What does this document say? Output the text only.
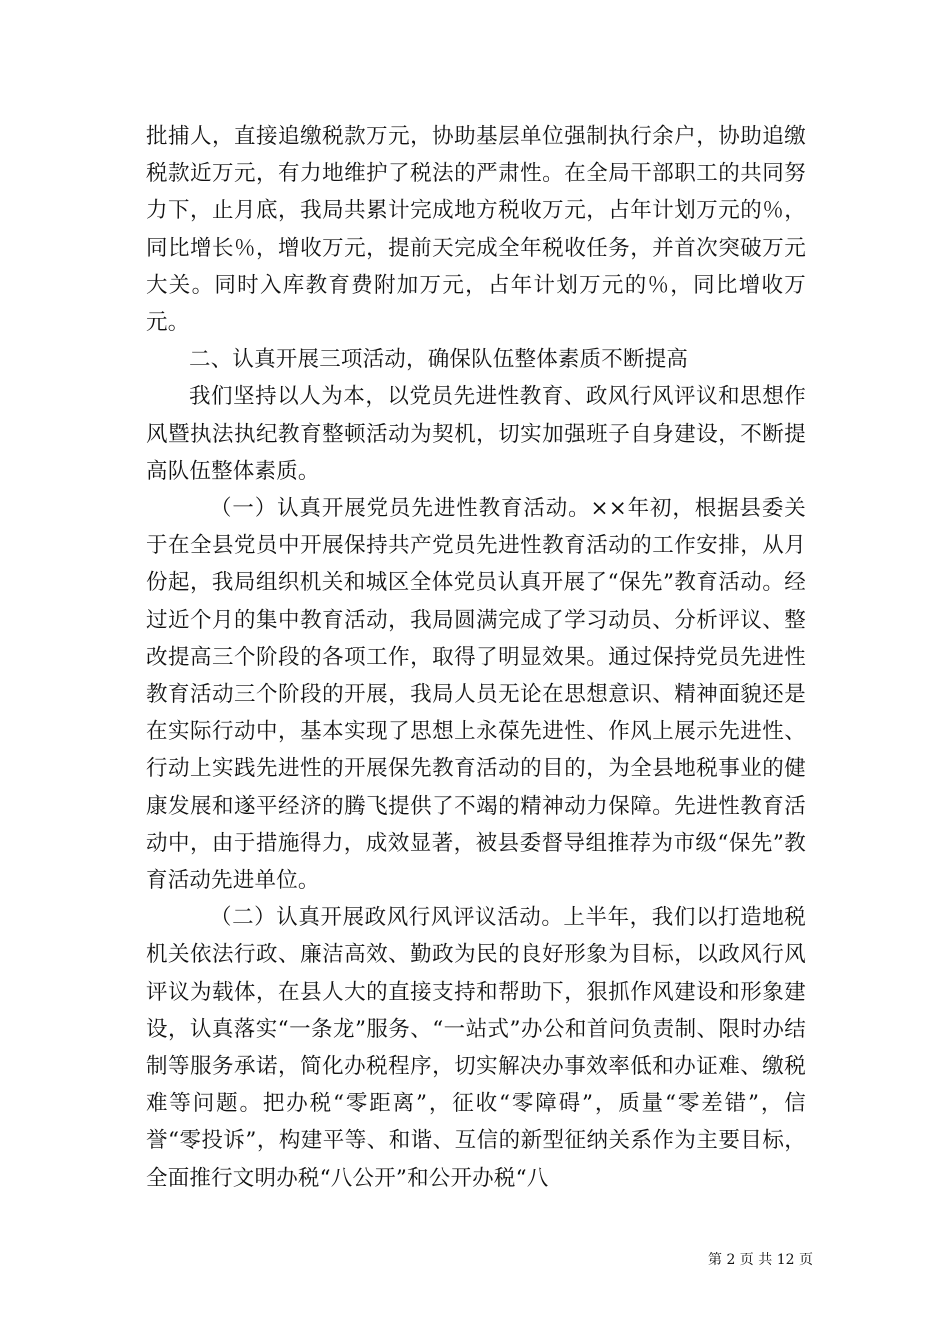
批捕人，直接追缴税款万元，协助基层单位强制执行余户，协助追缴税款近万元，有力地维护了税法的严肃性。在全局干部职工的共同努力下，止月底，我局共累计完成地方税收万元，占年计划万元的％，同比增长％，增收万元，提前天完成全年税收任务，并首次突破万元大关。同时入库教育费附加万元，占年计划万元的％，同比增收万元。

二、认真开展三项活动，确保队伍整体素质不断提高

我们坚持以人为本，以党员先进性教育、政风行风评议和思想作风暨执法执纪教育整顿活动为契机，切实加强班子自身建设，不断提高队伍整体素质。

（一）认真开展党员先进性教育活动。××年初，根据县委关于在全县党员中开展保持共产党员先进性教育活动的工作安排，从月份起，我局组织机关和城区全体党员认真开展了“保先”教育活动。经过近个月的集中教育活动，我局圆满完成了学习动员、分析评议、整改提高三个阶段的各项工作，取得了明显效果。通过保持党员先进性教育活动三个阶段的开展，我局人员无论在思想意识、精神面貌还是在实际行动中，基本实现了思想上永葆先进性、作风上展示先进性、行动上实践先进性的开展保先教育活动的目的，为全县地税事业的健康发展和遂平经济的腾飞提供了不竭的精神动力保障。先进性教育活动中，由于措施得力，成效显著，被县委督导组推荐为市级“保先”教育活动先进单位。

（二）认真开展政风行风评议活动。上半年，我们以打造地税机关依法行政、廉洁高效、勤政为民的良好形象为目标，以政风行风评议为载体，在县人大的直接支持和帮助下，狠抓作风建设和形象建设，认真落实“一条龙”服务、“一站式”办公和首问负责制、限时办结制等服务承诺，简化办税程序，切实解决办事效率低和办证难、缴税难等问题。把办税“零距离”，征收“零障碍”，质量“零差错”，信誉“零投诉”，构建平等、和谐、互信的新型征纳关系作为主要目标，全面推行文明办税“八公开”和公开办税“八

第 2 页 共 12 页
